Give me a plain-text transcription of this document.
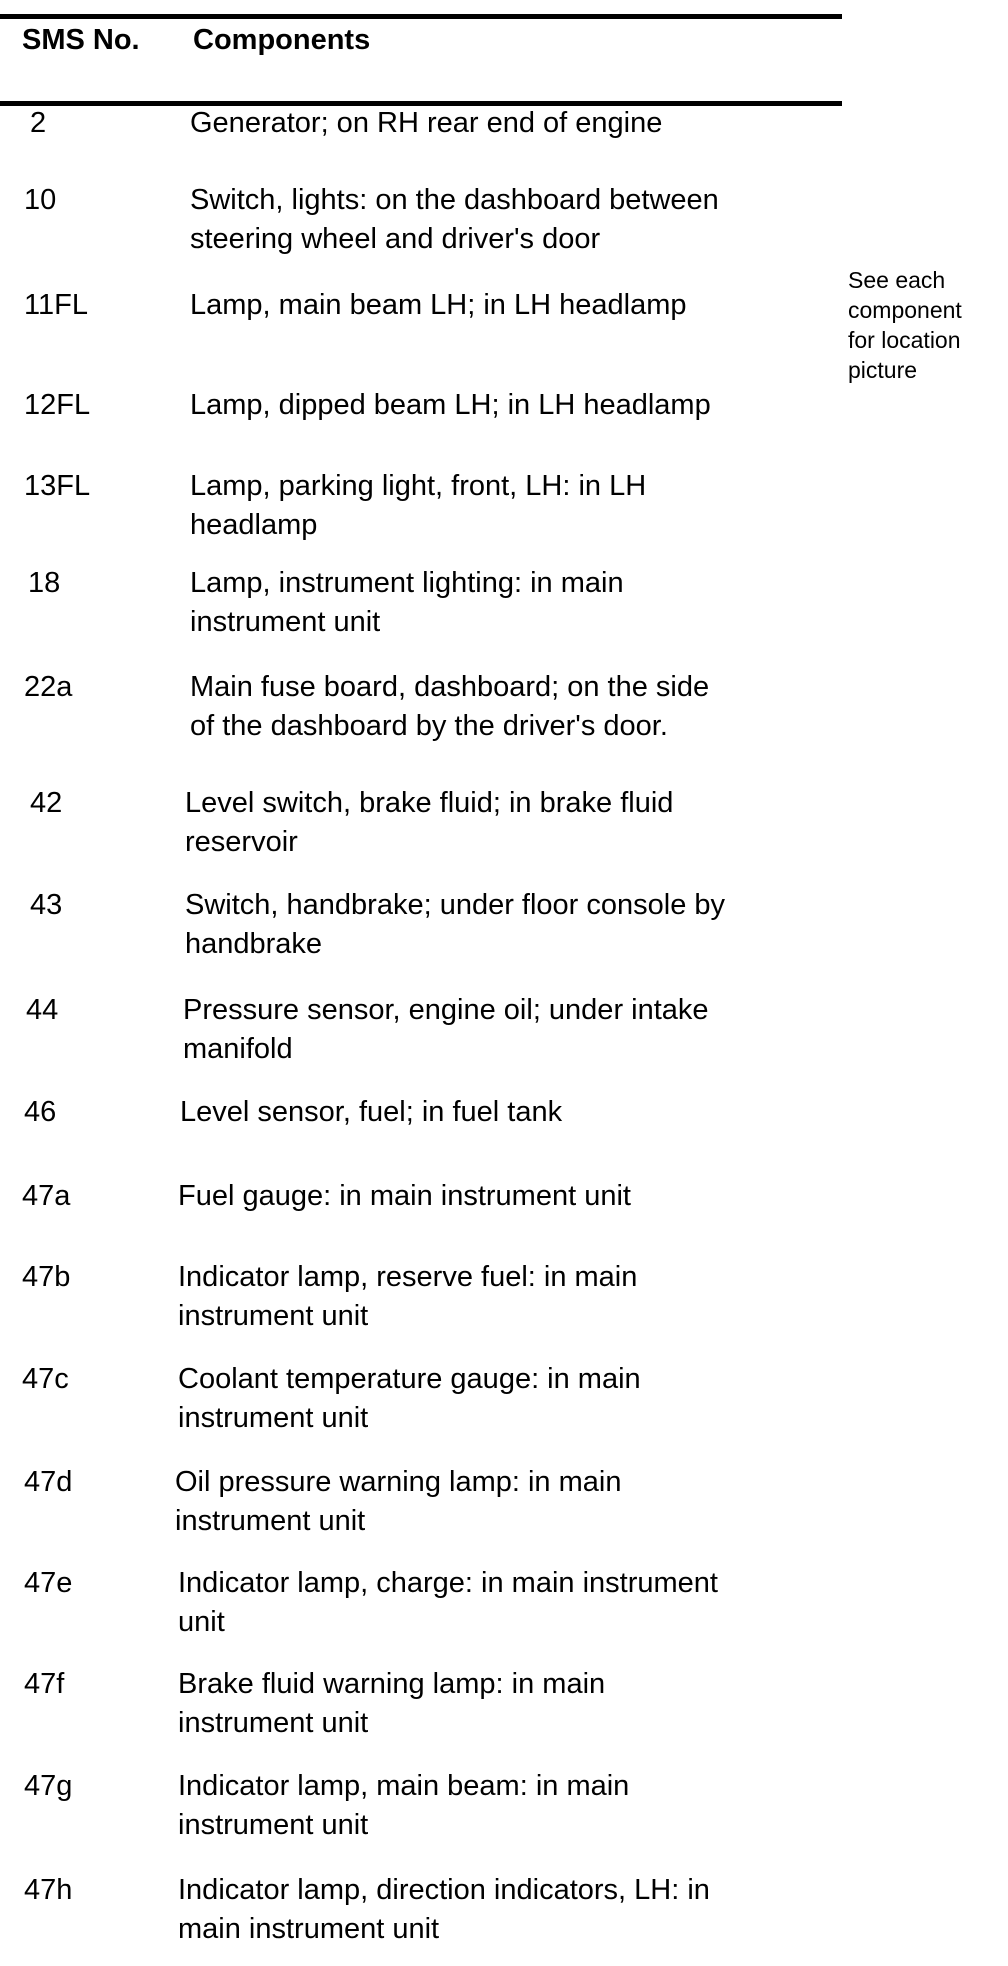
SMS No. Components
2	Generator; on RH rear end of engine
10	Switch, lights: on the dashboard between
steering wheel and driver's door
11FL	Lamp, main beam LH; in LH headlamp
12FL	Lamp, dipped beam LH; in LH headlamp
13FL	Lamp, parking light, front, LH: in LH
headlamp
18	Lamp, instrument lighting: in main
instrument unit
22a	Main fuse board, dashboard; on the side
of the dashboard by the driver's door.
42	Level switch, brake fluid; in brake fluid
reservoir
43	Switch, handbrake; under floor console by
handbrake
44	Pressure sensor, engine oil; under intake
manifold
46	Level sensor, fuel; in fuel tank
47a	Fuel gauge: in main instrument unit
47b	Indicator lamp, reserve fuel: in main
instrument unit
47c	Coolant temperature gauge: in main
instrument unit
47d	Oil pressure warning lamp: in main
instrument unit
47e	Indicator lamp, charge: in main instrument
unit
47f	Brake fluid warning lamp: in main
instrument unit
47g	Indicator lamp, main beam: in main
instrument unit
47h	Indicator lamp, direction indicators, LH: in
main instrument unit
See each
component
for location
picture
